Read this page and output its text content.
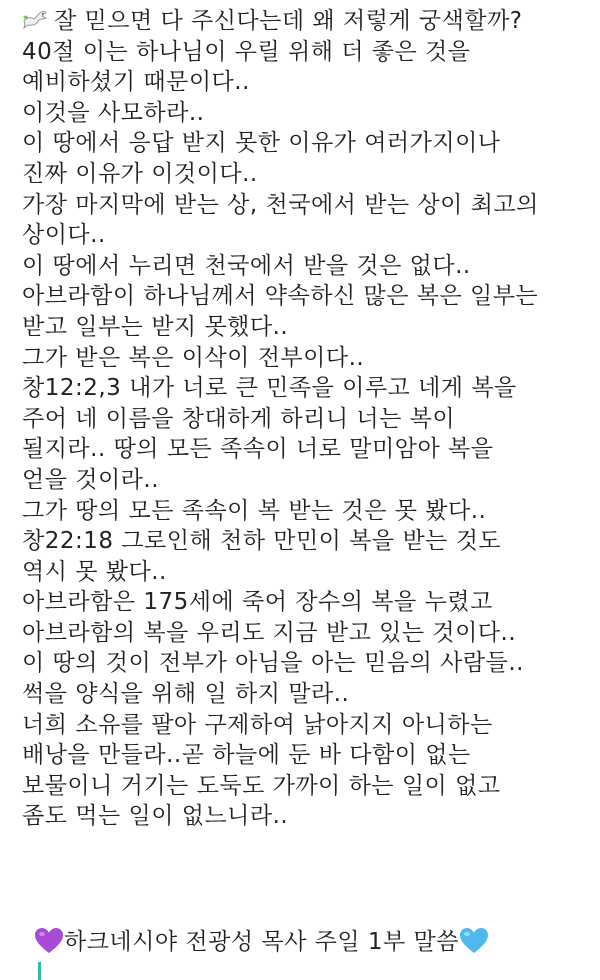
잘 믿으면 다 주신다는데 왜 저렇게 궁색할까?
40절 이는 하나님이 우릴 위해 더 좋은 것을
예비하셨기 때문이다..
이것을 사모하라..
이 땅에서 응답 받지 못한 이유가 여러가지이나
진짜 이유가 이것이다..
가장 마지막에 받는 상, 천국에서 받는 상이 최고의
상이다..
이 땅에서 누리면 천국에서 받을 것은 없다..
아브라함이 하나님께서 약속하신 많은 복은 일부는
받고 일부는 받지 못했다..
그가 받은 복은 이삭이 전부이다..
창12:2,3 내가 너로 큰 민족을 이루고 네게 복을
주어 네 이름을 창대하게 하리니 너는 복이
될지라.. 땅의 모든 족속이 너로 말미암아 복을
얻을 것이라..
그가 땅의 모든 족속이 복 받는 것은 못 봤다..
창22:18 그로인해 천하 만민이 복을 받는 것도
역시 못 봤다..
아브라함은 175세에 죽어 장수의 복을 누렸고
아브라함의 복을 우리도 지금 받고 있는 것이다..
이 땅의 것이 전부가 아님을 아는 믿음의 사람들..
썩을 양식을 위해 일 하지 말라..
너희 소유를 팔아 구제하여 낡아지지 아니하는
배낭을 만들라..곧 하늘에 둔 바 다함이 없는
보물이니 거기는 도둑도 가까이 하는 일이 없고
좀도 먹는 일이 없느니라..
하크네시야 전광성 목사 주일 1부 말씀
